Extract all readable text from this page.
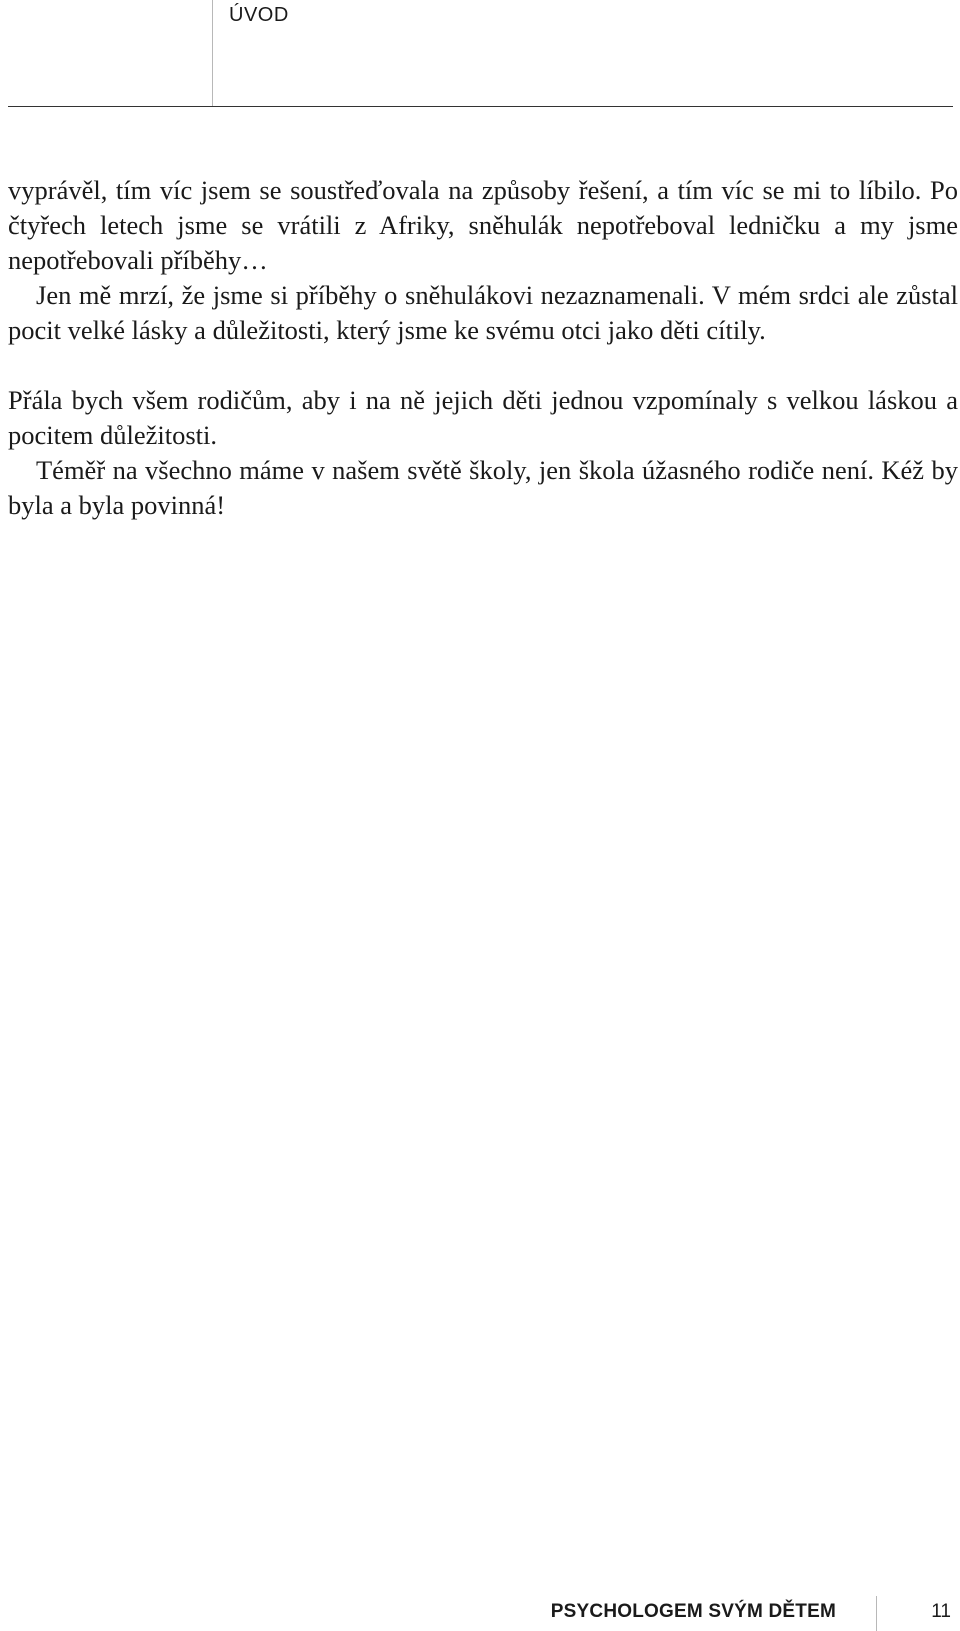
ÚVOD

vyprávěl, tím víc jsem se soustřeďovala na způsoby řešení, a tím víc se mi to líbilo. Po čtyřech letech jsme se vrátili z Afriky, sněhulák nepotřeboval ledničku a my jsme nepotřebovali příběhy…

Jen mě mrzí, že jsme si příběhy o sněhulákovi nezaznamenali. V mém srdci ale zůstal pocit velké lásky a důležitosti, který jsme ke svému otci jako děti cítily.

Přála bych všem rodičům, aby i na ně jejich děti jednou vzpomínaly s velkou láskou a pocitem důležitosti.

Téměř na všechno máme v našem světě školy, jen škola úžasného rodiče není. Kéž by byla a byla povinná!

PSYCHOLOGEM SVÝM DĚTEM	11
